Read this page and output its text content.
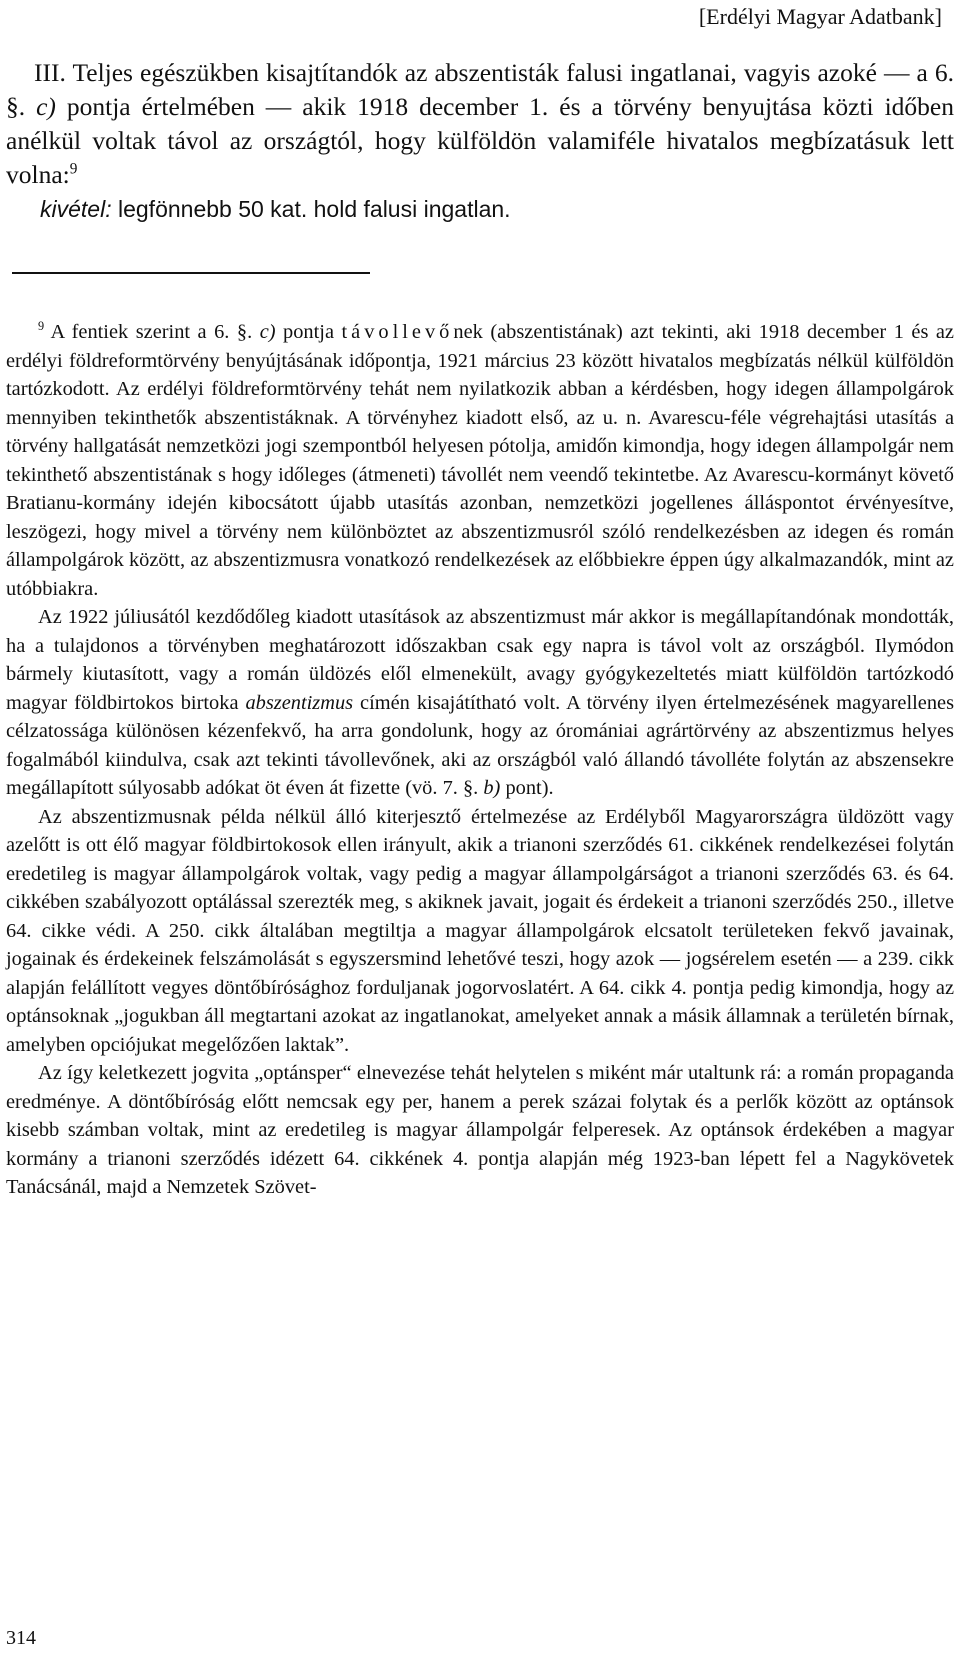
[Erdélyi Magyar Adatbank]

III. Teljes egészükben kisajtítandók az abszentisták falusi ingatlanai, vagyis azoké — a 6. §. c) pontja értelmében — akik 1918 december 1. és a törvény benyujtása közti időben anélkül voltak távol az országtól, hogy külföldön valamiféle hivatalos megbízatásuk lett volna:$^9$

kivétel: legfönnebb 50 kat. hold falusi ingatlan.

$^9$ A fentiek szerint a 6. §. c) pontja távollevőnek (abszentistának) azt tekinti, aki 1918 december 1 és az erdélyi földreformtörvény benyújtásának időpontja, 1921 március 23 között hivatalos megbízatás nélkül külföldön tartózkodott. Az erdélyi földreformtörvény tehát nem nyilatkozik abban a kérdésben, hogy idegen állampolgárok mennyiben tekinthetők abszentistáknak. A törvényhez kiadott első, az u. n. Avarescu-féle végrehajtási utasítás a törvény hallgatását nemzetközi jogi szempontból helyesen pótolja, amidőn kimondja, hogy idegen állampolgár nem tekinthető abszentistának s hogy időleges (átmeneti) távollét nem veendő tekintetbe. Az Avarescu-kormányt követő Bratianu-kormány idején kibocsátott újabb utasítás azonban, nemzetközi jogellenes álláspontot érvényesítve, leszögezi, hogy mivel a törvény nem különböztet az abszentizmusról szóló rendelkezésben az idegen és román állampolgárok között, az abszentizmusra vonatkozó rendelkezések az előbbiekre éppen úgy alkalmazandók, mint az utóbbiakra.

Az 1922 júliusától kezdődőleg kiadott utasítások az abszentizmust már akkor is megállapítandónak mondották, ha a tulajdonos a törvényben meghatározott időszakban csak egy napra is távol volt az országból. Ilymódon bármely kiutasított, vagy a román üldözés elől elmenekült, avagy gyógykezeltetés miatt külföldön tartózkodó magyar földbirtokos birtoka abszentizmus címén kisajátítható volt. A törvény ilyen értelmezésének magyarellenes célzatossága különösen kézenfekvő, ha arra gondolunk, hogy az óromániai agrártörvény az abszentizmus helyes fogalmából kiindulva, csak azt tekinti távollevőnek, aki az országból való állandó távolléte folytán az abszensekre megállapított súlyosabb adókat öt éven át fizette (vö. 7. §. b) pont).

Az abszentizmusnak példa nélkül álló kiterjesztő értelmezése az Erdélyből Magyarországra üldözött vagy azelőtt is ott élő magyar földbirtokosok ellen irányult, akik a trianoni szerződés 61. cikkének rendelkezései folytán eredetileg is magyar állampolgárok voltak, vagy pedig a magyar állampolgárságot a trianoni szerződés 63. és 64. cikkében szabályozott optálással szerezték meg, s akiknek javait, jogait és érdekeit a trianoni szerződés 250., illetve 64. cikke védi. A 250. cikk általában megtiltja a magyar állampolgárok elcsatolt területeken fekvő javainak, jogainak és érdekeinek felszámolását s egyszersmind lehetővé teszi, hogy azok — jogsérelem esetén — a 239. cikk alapján felállított vegyes döntőbírósághoz forduljanak jogorvoslatért. A 64. cikk 4. pontja pedig kimondja, hogy az optánsoknak „jogukban áll megtartani azokat az ingatlanokat, amelyeket annak a másik államnak a területén bírnak, amelyben opciójukat megelőzően laktak”.

Az így keletkezett jogvita „optánsper“ elnevezése tehát helytelen s miként már utaltunk rá: a román propaganda eredménye. A döntőbíróság előtt nemcsak egy per, hanem a perek százai folytak és a perlők között az optánsok kisebb számban voltak, mint az eredetileg is magyar állampolgár felperesek. Az optánsok érdekében a magyar kormány a trianoni szerződés idézett 64. cikkének 4. pontja alapján még 1923-ban lépett fel a Nagykövetek Tanácsánál, majd a Nemzetek Szövet-

314
